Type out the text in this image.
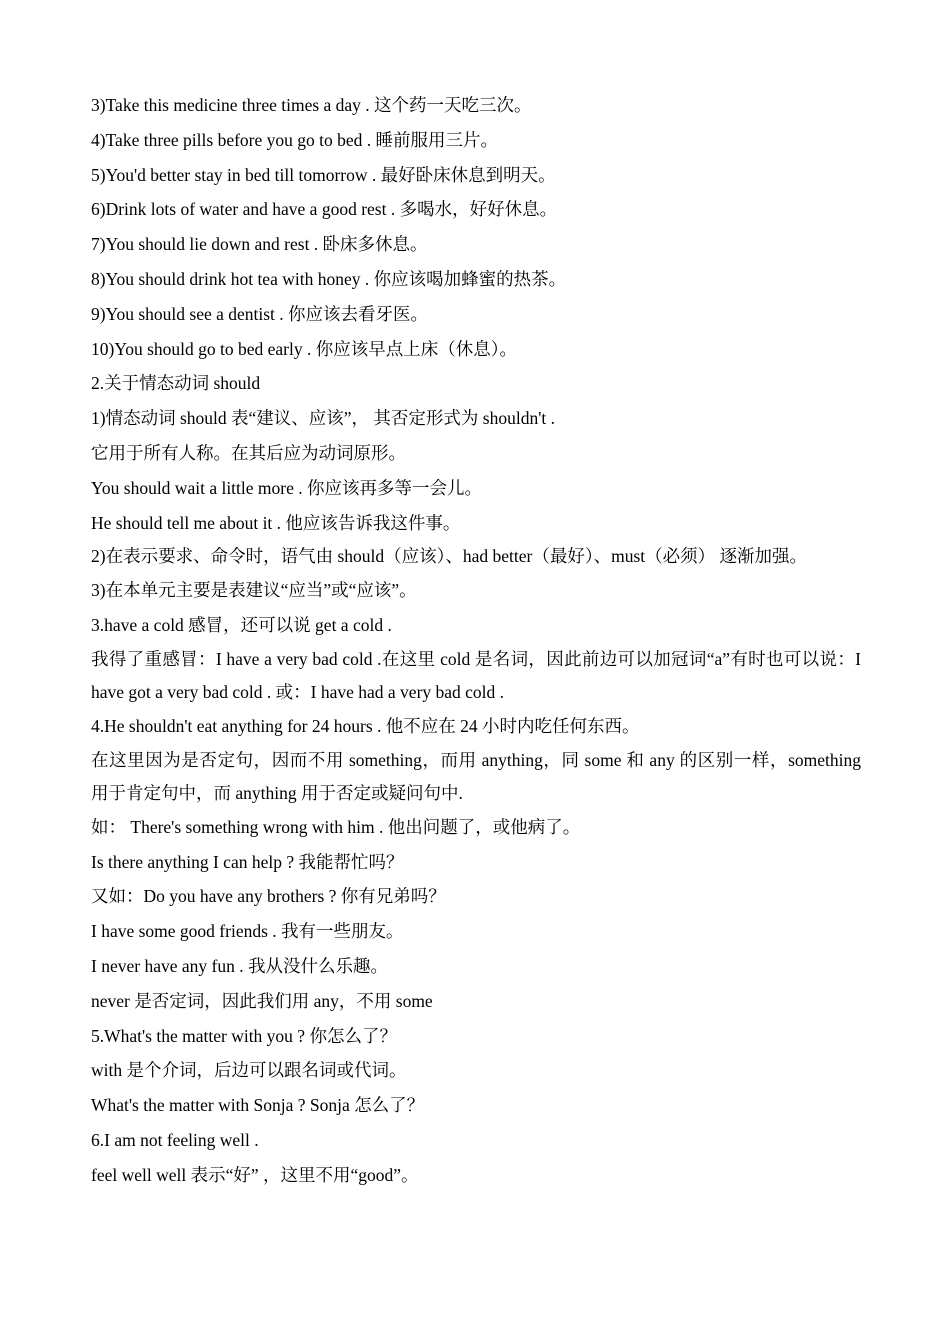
3)Take this medicine three times a day . 这个药一天吃三次。
4)Take three pills before you go to bed . 睡前服用三片。
5)You'd better stay in bed till tomorrow . 最好卧床休息到明天。
6)Drink lots of water and have a good rest . 多喝水，好好休息。
7)You should lie down and rest . 卧床多休息。
8)You should drink hot tea with honey . 你应该喝加蜂蜜的热茶。
9)You should see a dentist . 你应该去看牙医。
10)You should go to bed early . 你应该早点上床（休息）。
2.关于情态动词 should
1)情态动词 should 表“建议、应该”， 其否定形式为 shouldn't .
它用于所有人称。在其后应为动词原形。
You should wait a little more . 你应该再多等一会儿。
He should tell me about it . 他应该告诉我这件事。
2)在表示要求、命令时，语气由 should（应该）、had better（最好）、must（必须） 逐渐加强。
3)在本单元主要是表建议“应当”或“应该”。
3.have a cold 感冒，还可以说 get a cold .
我得了重感冒：I have a very bad cold .在这里 cold 是名词，因此前边可以加冠词“a”有时也可以说：I have got a very bad cold . 或：I have had a very bad cold .
4.He shouldn't eat anything for 24 hours . 他不应在 24 小时内吃任何东西。
在这里因为是否定句，因而不用 something，而用 anything，同 some 和 any 的区别一样，something 用于肯定句中，而 anything 用于否定或疑问句中.
如： There's something wrong with him . 他出问题了，或他病了。
Is there anything I can help ? 我能帮忙吗？
又如：Do you have any brothers ? 你有兄弟吗？
I have some good friends . 我有一些朋友。
I never have any fun . 我从没什么乐趣。
never 是否定词，因此我们用 any，不用 some
5.What's the matter with you ? 你怎么了？
with 是个介词，后边可以跟名词或代词。
What's the matter with Sonja ? Sonja 怎么了？
6.I am not feeling well .
feel well well 表示“好” ，这里不用“good”。
